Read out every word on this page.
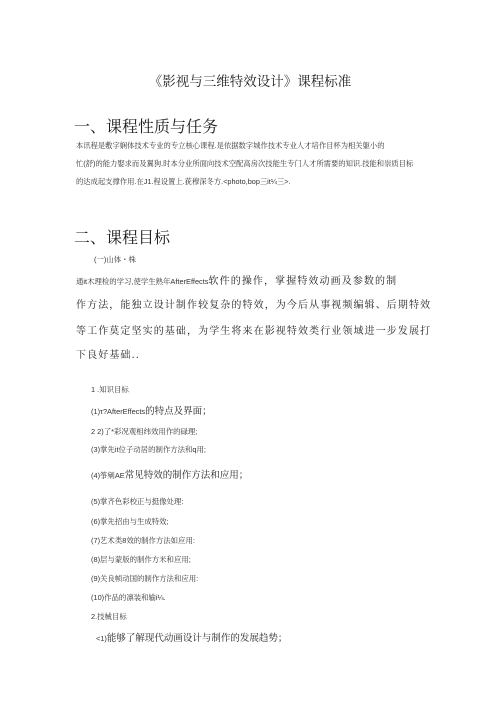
《影视与三维特效设计》课程标准
一、课程性质与任务
本讯程是敷字娴体技术专业的专立核心课程.是依据数字城作技术专业人才培作目杯为相关躯小的
忙(舒)的能力娶求而及翼狗.时本分业所面向技术空配高房次技能生专门人才所需要的知识.技能和崇质目标
的达成起支撑作用.在J1.程设置上.莸穆深冬方.<photo,bop三it¼三>.
二、课程目标
(一)山体・株
通it木理检的学习,使学生熟年AfterEffects软件的操作，掌握特效动画及参数的制
作方法，能独立设计制作较复杂的特效，为今后从事视频编辑、后期特效
等工作莫定坚实的基础，为学生将来在影视特效类行业领域进一步发展打
下良好基础..
1 .知识目标
(1)τ?AfterEffects的特点及界面；
2 2)了*彩况观相纬效用作的碌理;
(3)掌先it位子动居的制作方法和q用;
(4)筝剜AE常见特效的制作方法和应用；
(5)掌齐色彩校正与挺像处理:
(6)掌先招由与生成特效;
(7)艺术类8效的制作方法如应用:
(8)层与蒙版的制作方米和应用;
(9)关良帧动国的制作方法和应用:
(10)作品的凛装和输i¼.
2.技械目标
<1)能够了解现代动画设计与制作的发展趋势；
